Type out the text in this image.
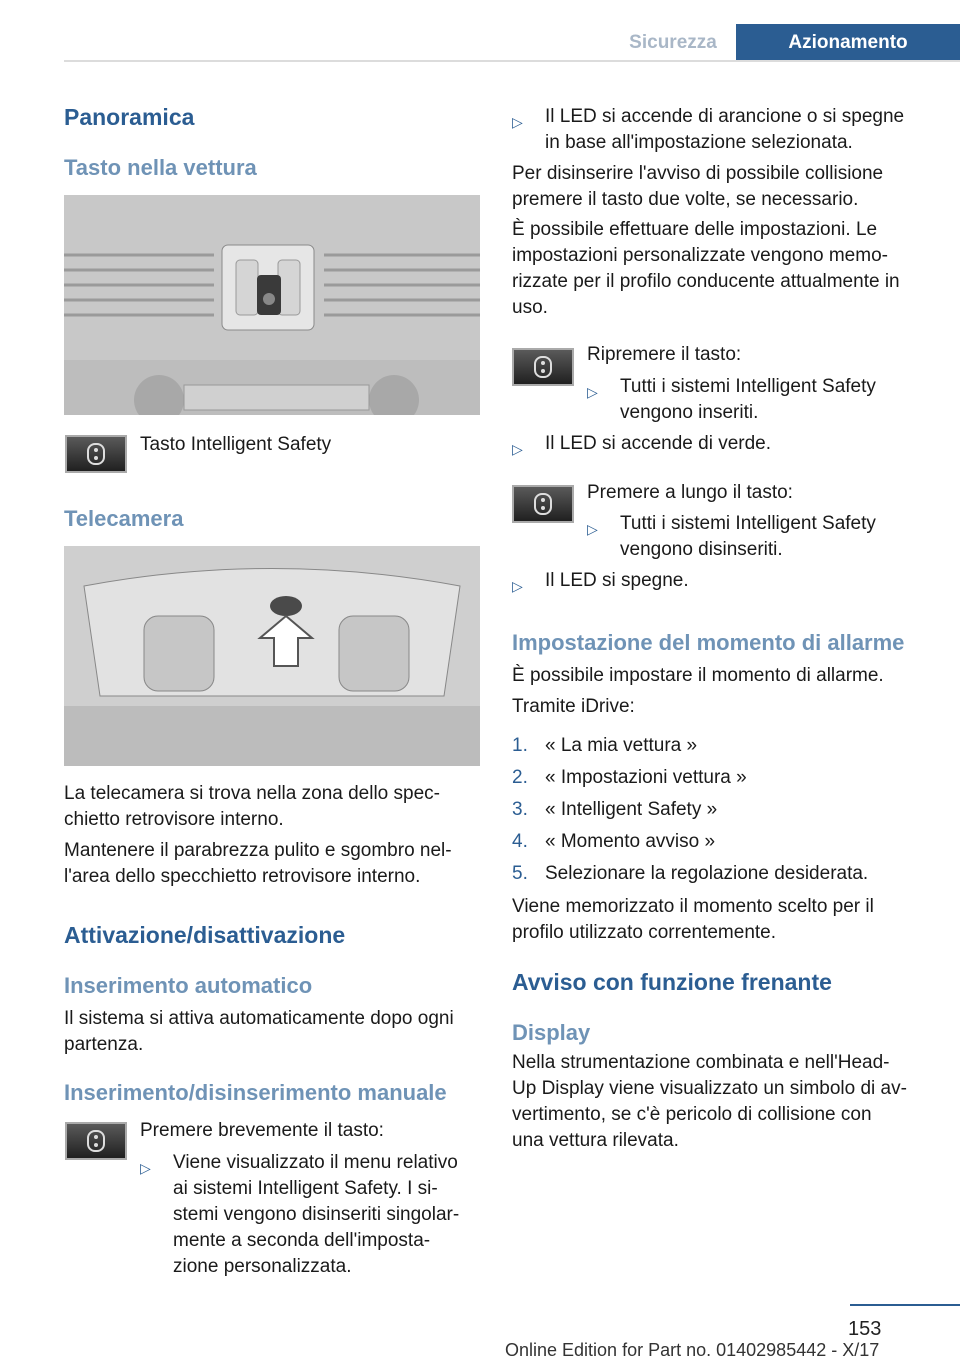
Sicurezza	Azionamento
Panoramica
Tasto nella vettura
Tasto Intelligent Safety
Telecamera
La telecamera si trova nella zona dello spec-
chietto retrovisore interno.
Mantenere il parabrezza pulito e sgombro nel-
l'area dello specchietto retrovisore interno.
Attivazione/disattivazione
Inserimento automatico
Il sistema si attiva automaticamente dopo ogni
partenza.
Inserimento/disinserimento manuale
Premere brevemente il tasto:
▷ Viene visualizzato il menu relativo
ai sistemi Intelligent Safety. I si-
stemi vengono disinseriti singolar-
mente a seconda dell'imposta-
zione personalizzata.
▷ Il LED si accende di arancione o si spegne
in base all'impostazione selezionata.
Per disinserire l'avviso di possibile collisione
premere il tasto due volte, se necessario.
È possibile effettuare delle impostazioni. Le
impostazioni personalizzate vengono memo-
rizzate per il profilo conducente attualmente in
uso.
Ripremere il tasto:
▷ Tutti i sistemi Intelligent Safety
vengono inseriti.
▷ Il LED si accende di verde.
Premere a lungo il tasto:
▷ Tutti i sistemi Intelligent Safety
vengono disinseriti.
▷ Il LED si spegne.
Impostazione del momento di allarme
È possibile impostare il momento di allarme.
Tramite iDrive:
1. « La mia vettura »
2. « Impostazioni vettura »
3. « Intelligent Safety »
4. « Momento avviso »
5. Selezionare la regolazione desiderata.
Viene memorizzato il momento scelto per il
profilo utilizzato correntemente.
Avviso con funzione frenante
Display
Nella strumentazione combinata e nell'Head-
Up Display viene visualizzato un simbolo di av-
vertimento, se c'è pericolo di collisione con
una vettura rilevata.
153
Online Edition for Part no. 01402985442 - X/17
